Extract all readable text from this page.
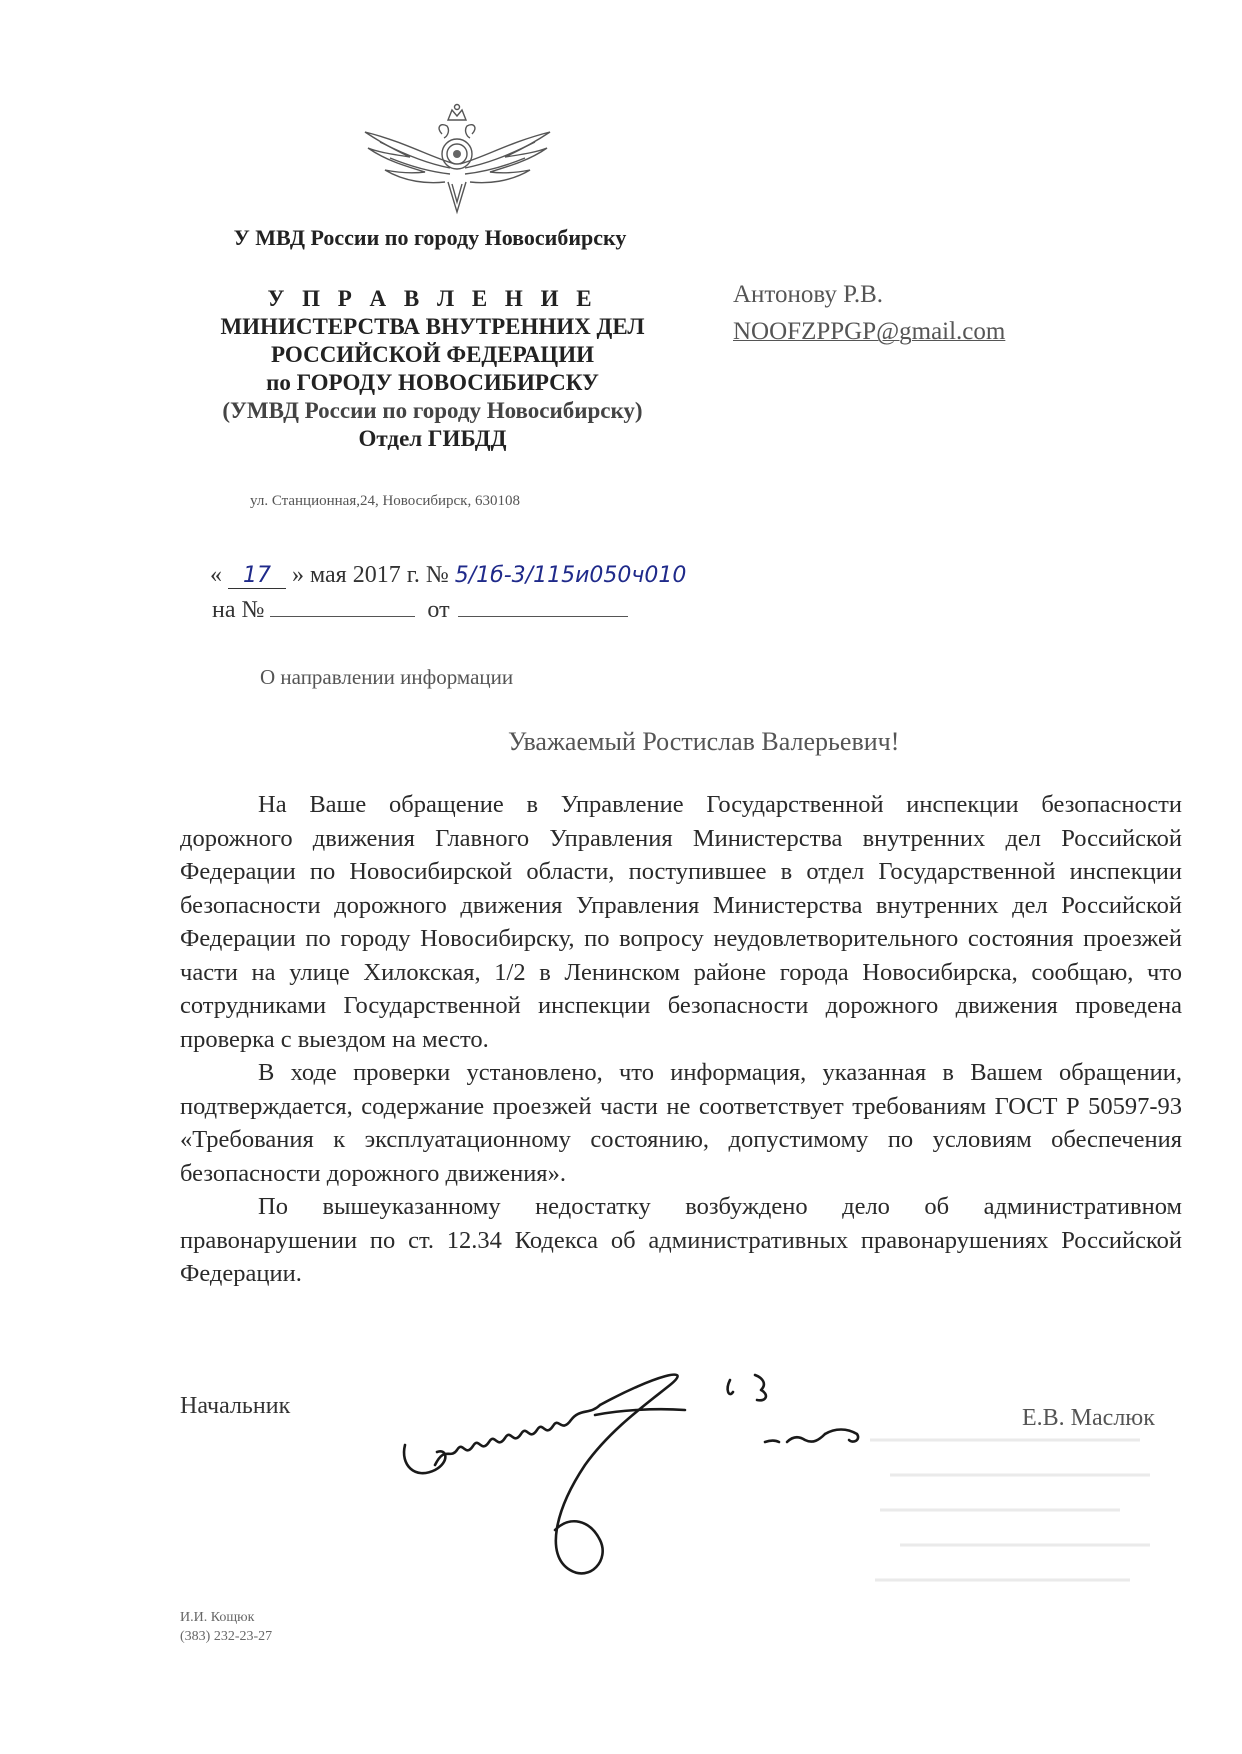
У МВД России по городу Новосибирску
У П Р А В Л Е Н И Е
МИНИСТЕРСТВА ВНУТРЕННИХ ДЕЛ
РОССИЙСКОЙ ФЕДЕРАЦИИ
по ГОРОДУ НОВОСИБИРСКУ
(УМВД России по городу Новосибирску)
Отдел ГИБДД
ул. Станционная,24, Новосибирск, 630108
Антонову Р.В.
NOOFZPPGP@gmail.com
« 17 » мая 2017 г. № 5/1б-3/115и050ч010
на №	от
О направлении информации
Уважаемый Ростислав Валерьевич!

На Ваше обращение в Управление Государственной инспекции безопасности дорожного движения Главного Управления Министерства внутренних дел Российской Федерации по Новосибирской области, поступившее в отдел Государственной инспекции безопасности дорожного движения Управления Министерства внутренних дел Российской Федерации по городу Новосибирску, по вопросу неудовлетворительного состояния проезжей части на улице Хилокская, 1/2 в Ленинском районе города Новосибирска, сообщаю, что сотрудниками Государственной инспекции безопасности дорожного движения проведена проверка с выездом на место.

В ходе проверки установлено, что информация, указанная в Вашем обращении, подтверждается, содержание проезжей части не соответствует требованиям ГОСТ Р 50597-93 «Требования к эксплуатационному состоянию, допустимому по условиям обеспечения безопасности дорожного движения».

По вышеуказанному недостатку возбуждено дело об административном правонарушении по ст. 12.34 Кодекса об административных правонарушениях Российской Федерации.

Начальник	р 3
Е.В. Маслюк
И.И. Кощюк
(383) 232-23-27
